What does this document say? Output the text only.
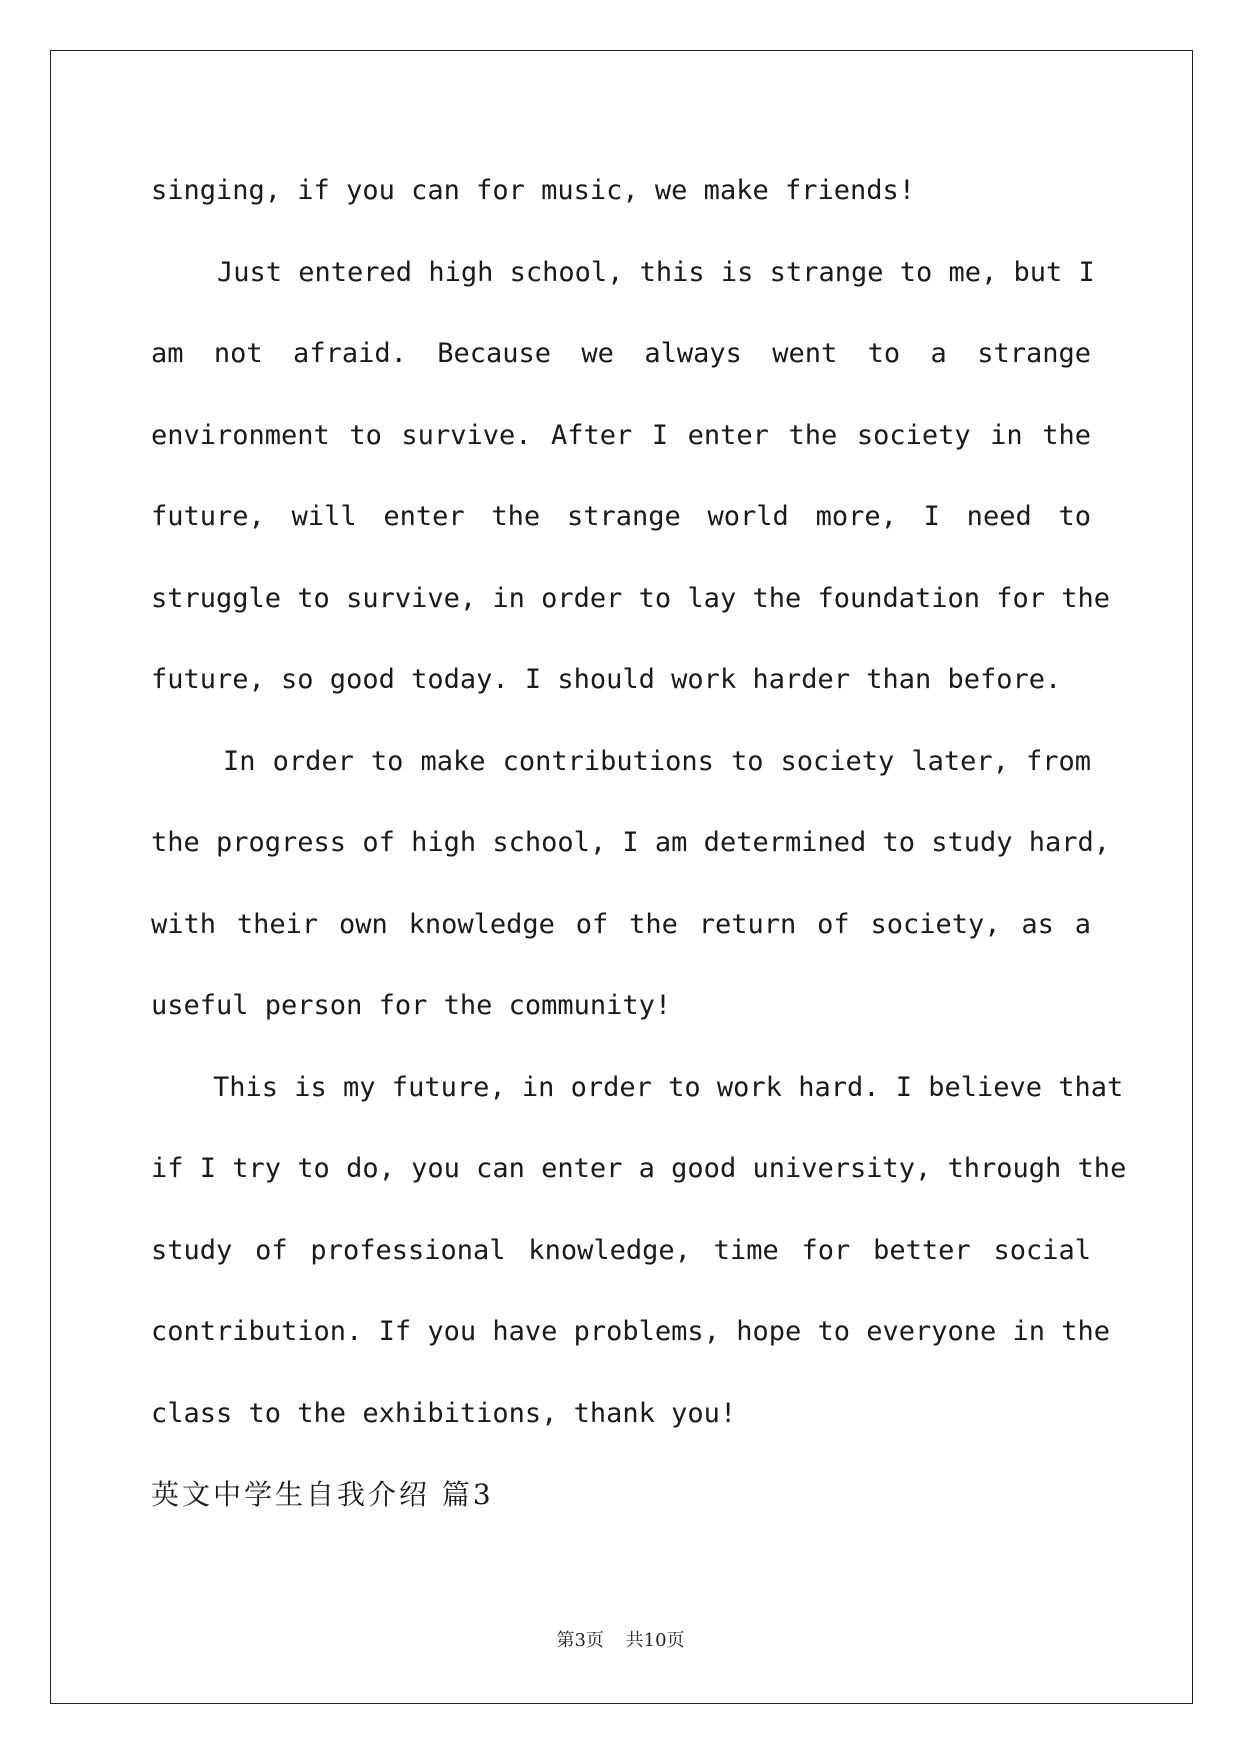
singing, if you can for music, we make friends!
Just entered high school, this is strange to me, but I
am not afraid. Because we always went to a strange
environment to survive. After I enter the society in the
future, will enter the strange world more, I need to
struggle to survive, in order to lay the foundation for the
future, so good today. I should work harder than before.
In order to make contributions to society later, from
the progress of high school, I am determined to study hard,
with their own knowledge of the return of society, as a
useful person for the community!
This is my future, in order to work hard. I believe that
if I try to do, you can enter a good university, through the
study of professional knowledge, time for better social
contribution. If you have problems, hope to everyone in the
class to the exhibitions, thank you!
英文中学生自我介绍 篇3
第3页 共10页
